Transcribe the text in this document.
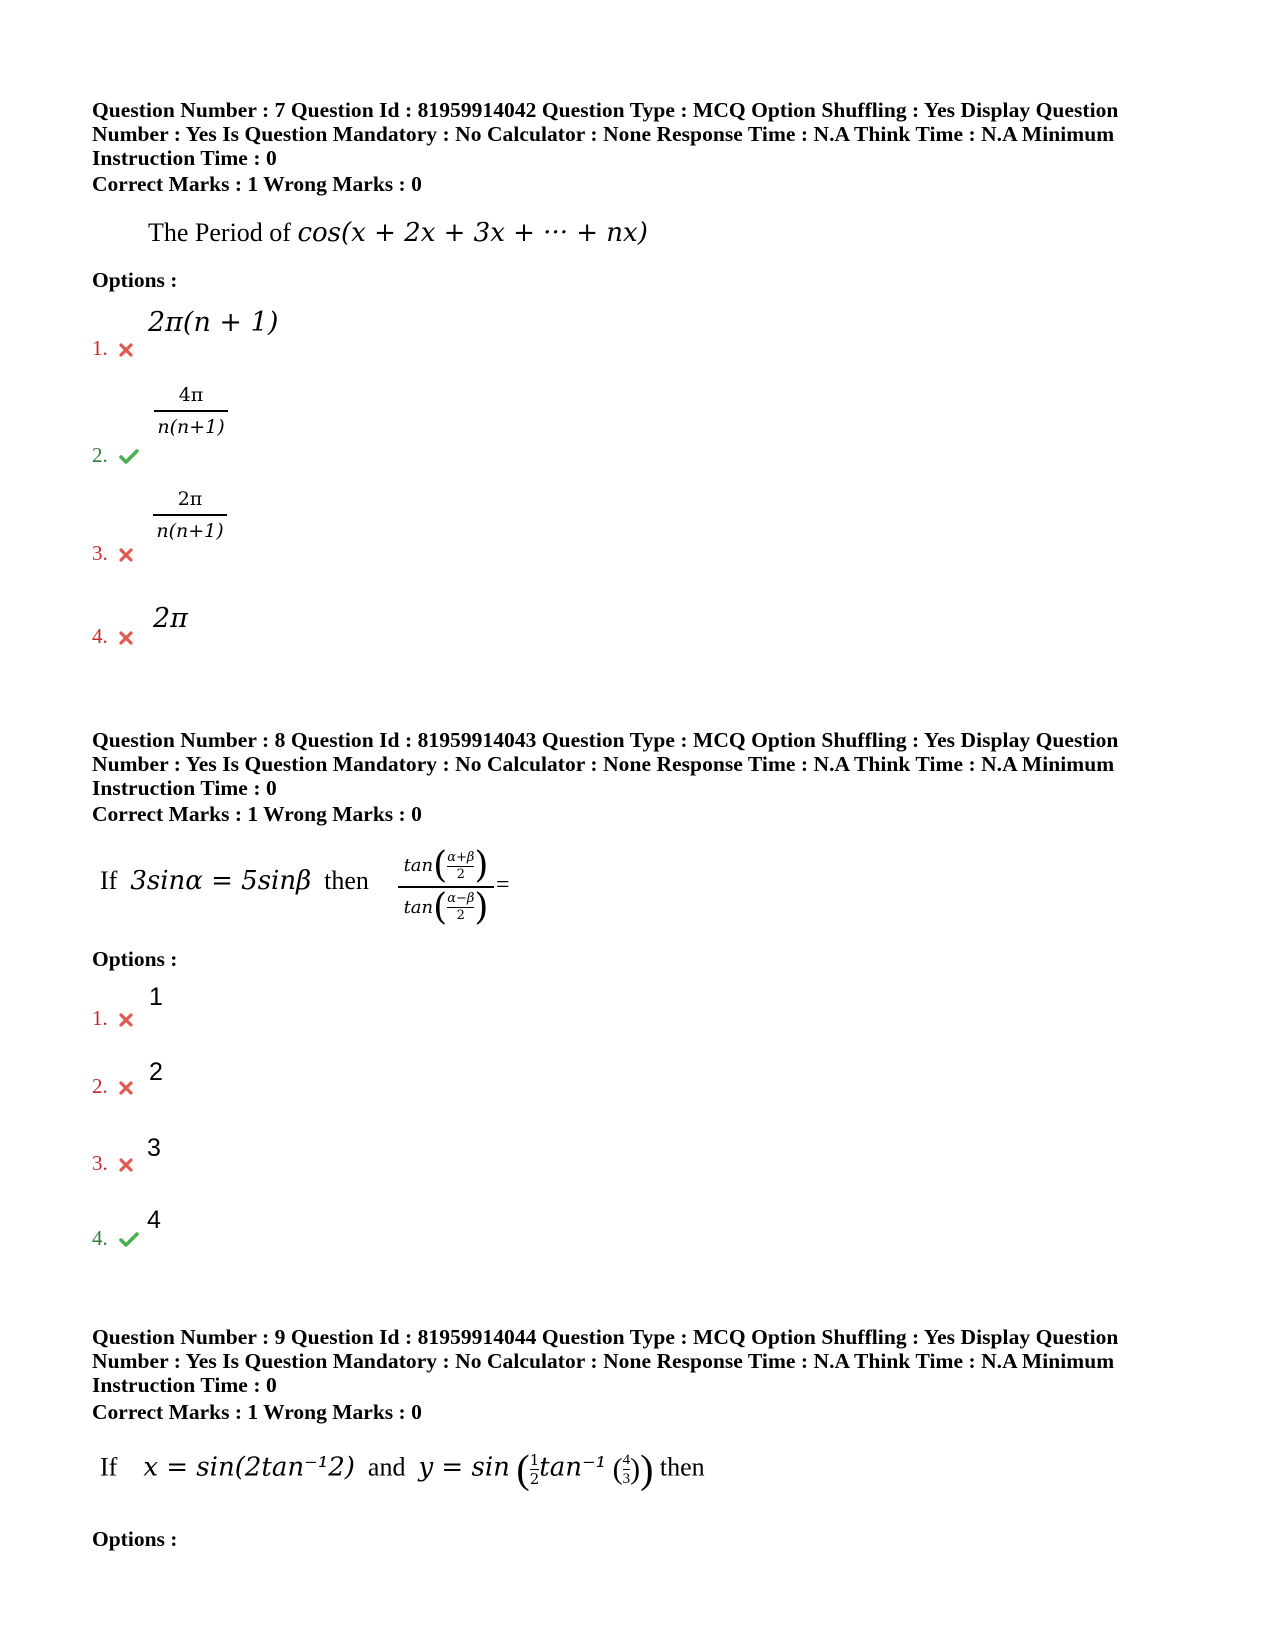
Question Number : 7 Question Id : 81959914042 Question Type : MCQ Option Shuffling : Yes Display Question Number : Yes Is Question Mandatory : No Calculator : None Response Time : N.A Think Time : N.A Minimum Instruction Time : 0
Correct Marks : 1 Wrong Marks : 0
The Period of cos(x + 2x + 3x + ··· + nx)
Options :
1.
2π(n + 1)
2.
4π
n(n+1)
3.
2π
n(n+1)
4.
2π
Question Number : 8 Question Id : 81959914043 Question Type : MCQ Option Shuffling : Yes Display Question Number : Yes Is Question Mandatory : No Calculator : None Response Time : N.A Think Time : N.A Minimum Instruction Time : 0
Correct Marks : 1 Wrong Marks : 0
If 3sinα = 5sinβ then
$\tan(\frac{\alpha+\beta}{2})$
$\tan(\frac{\alpha-\beta}{2})$
=
Options :
1.
1
2.	2
3.
3
4.
4
Question Number : 9 Question Id : 81959914044 Question Type : MCQ Option Shuffling : Yes Display Question Number : Yes Is Question Mandatory : No Calculator : None Response Time : N.A Think Time : N.A Minimum Instruction Time : 0
Correct Marks : 1 Wrong Marks : 0
If x = sin(2tan⁻¹2) and $y = \sin (\frac{1}{2}\tan^{-1}$ $(\frac{4}{3})$) then
Options :
